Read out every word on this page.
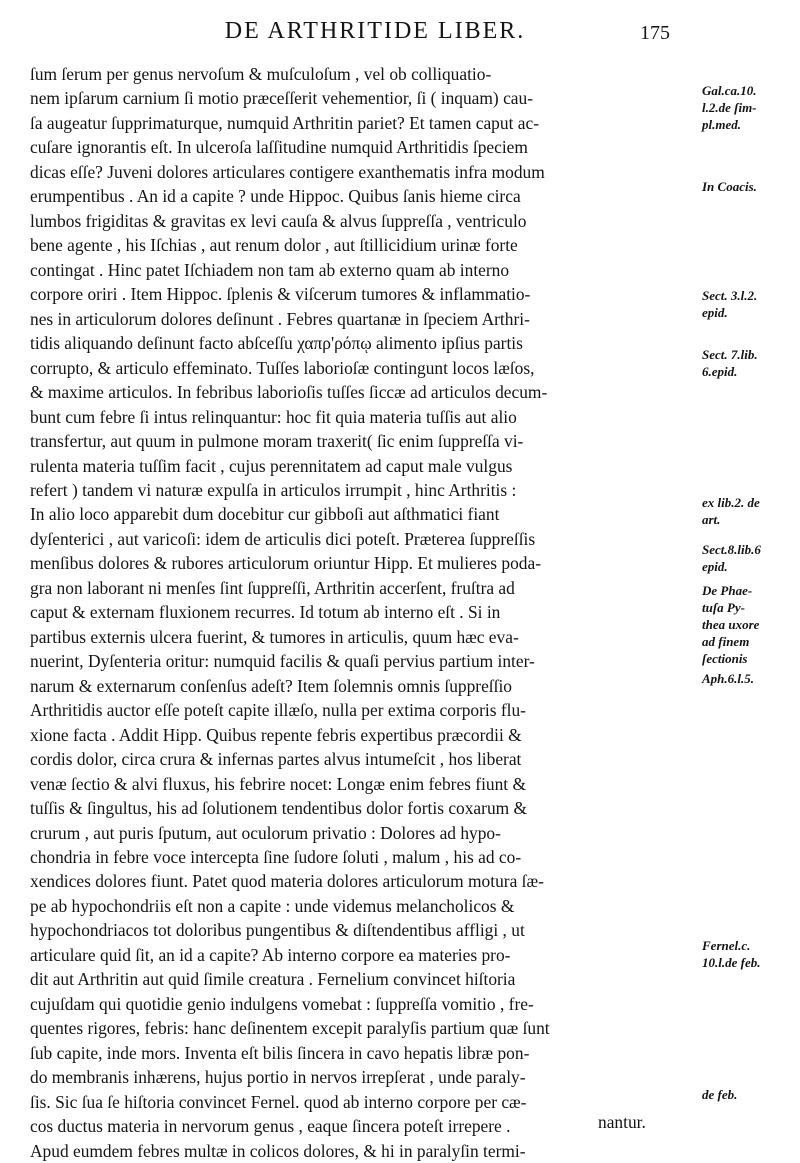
DE ARTHRITIDE LIBER.	175
ſum ſerum per genus nervoſum & muſculoſum , vel ob colliquatio-
nem ipſarum carnium ſi motio præceſſerit vehementior, ſi ( inquam) cau-
ſa augeatur ſupprimaturque, numquid Arthritin pariet? Et tamen caput ac-
cuſare ignorantis eſt. In ulceroſa laſſitudine numquid Arthritidis ſpeciem
dicas eſſe? Juveni dolores articulares contigere exanthematis infra modum
erumpentibus . An id a capite ? unde Hippoc. Quibus ſanis hieme circa
lumbos frigiditas & gravitas ex levi cauſa & alvus ſuppreſſa , ventriculo
bene agente , his Iſchias , aut renum dolor , aut ſtillicidium urinæ forte
contingat . Hinc patet Iſchiadem non tam ab externo quam ab interno
corpore oriri . Item Hippoc. ſplenis & viſcerum tumores & inflammatio-
nes in articulorum dolores deſinunt . Febres quartanæ in ſpeciem Arthri-
tidis aliquando deſinunt facto abſceſſu χαπρ'ρόπῳ alimento ipſius partis
corrupto, & articulo effeminato. Tuſſes laborioſæ contingunt locos læſos,
& maxime articulos. In febribus laborioſis tuſſes ſiccæ ad articulos decum-
bunt cum febre ſi intus relinquantur: hoc fit quia materia tuſſis aut alio
transfertur, aut quum in pulmone moram traxerit( ſic enim ſuppreſſa vi-
rulenta materia tuſſim facit , cujus perennitatem ad caput male vulgus
refert ) tandem vi naturæ expulſa in articulos irrumpit , hinc Arthritis :
In alio loco apparebit dum docebitur cur gibboſi aut aſthmatici fiant
dyſenterici , aut varicoſi: idem de articulis dici poteſt. Præterea ſuppreſſis
menſibus dolores & rubores articulorum oriuntur Hipp. Et mulieres poda-
gra non laborant ni menſes ſint ſuppreſſi, Arthritin accerſent, fruſtra ad
caput & externam fluxionem recurres. Id totum ab interno eſt . Si in
partibus externis ulcera fuerint, & tumores in articulis, quum hæc eva-
nuerint, Dyſenteria oritur: numquid facilis & quaſi pervius partium inter-
narum & externarum conſenſus adeſt? Item ſolemnis omnis ſuppreſſio
Arthritidis auctor eſſe poteſt capite illæſo, nulla per extima corporis flu-
xione facta . Addit Hipp. Quibus repente febris expertibus præcordii &
cordis dolor, circa crura & infernas partes alvus intumeſcit , hos liberat
venæ ſectio & alvi fluxus, his febrire nocet: Longæ enim febres fiunt &
tuſſis & ſingultus, his ad ſolutionem tendentibus dolor fortis coxarum &
crurum , aut puris ſputum, aut oculorum privatio : Dolores ad hypo-
chondria in febre voce intercepta ſine ſudore ſoluti , malum , his ad co-
xendices dolores fiunt. Patet quod materia dolores articulorum motura ſæ-
pe ab hypochondriis eſt non a capite : unde videmus melancholicos &
hypochondriacos tot doloribus pungentibus & diſtendentibus affligi , ut
articulare quid ſit, an id a capite? Ab interno corpore ea materies pro-
dit aut Arthritin aut quid ſimile creatura . Fernelium convincet hiſtoria
cujuſdam qui quotidie genio indulgens vomebat : ſuppreſſa vomitio , fre-
quentes rigores, febris: hanc deſinentem excepit paralyſis partium quæ ſunt
ſub capite, inde mors. Inventa eſt bilis ſincera in cavo hepatis libræ pon-
do membranis inhærens, hujus portio in nervos irrepſerat , unde paraly-
ſis. Sic ſua ſe hiſtoria convincet Fernel. quod ab interno corpore per cæ-
cos ductus materia in nervorum genus , eaque ſincera poteſt irrepere .
Apud eumdem febres multæ in colicos dolores, & hi in paralyſin termi-
nantur.
Gal.ca.10.
l.2.de ſim-
pl.med.
In Coacis.
Sect. 3.l.2.
epid.
Sect. 7.lib.
6.epid.
ex lib.2. de
art.
Sect.8.lib.6
epid.
De Phae-
tuſa Py-
thea uxore
ad finem
ſectionis
Aph.6.l.5.
Fernel.c.
10.l.de feb.
de feb.
